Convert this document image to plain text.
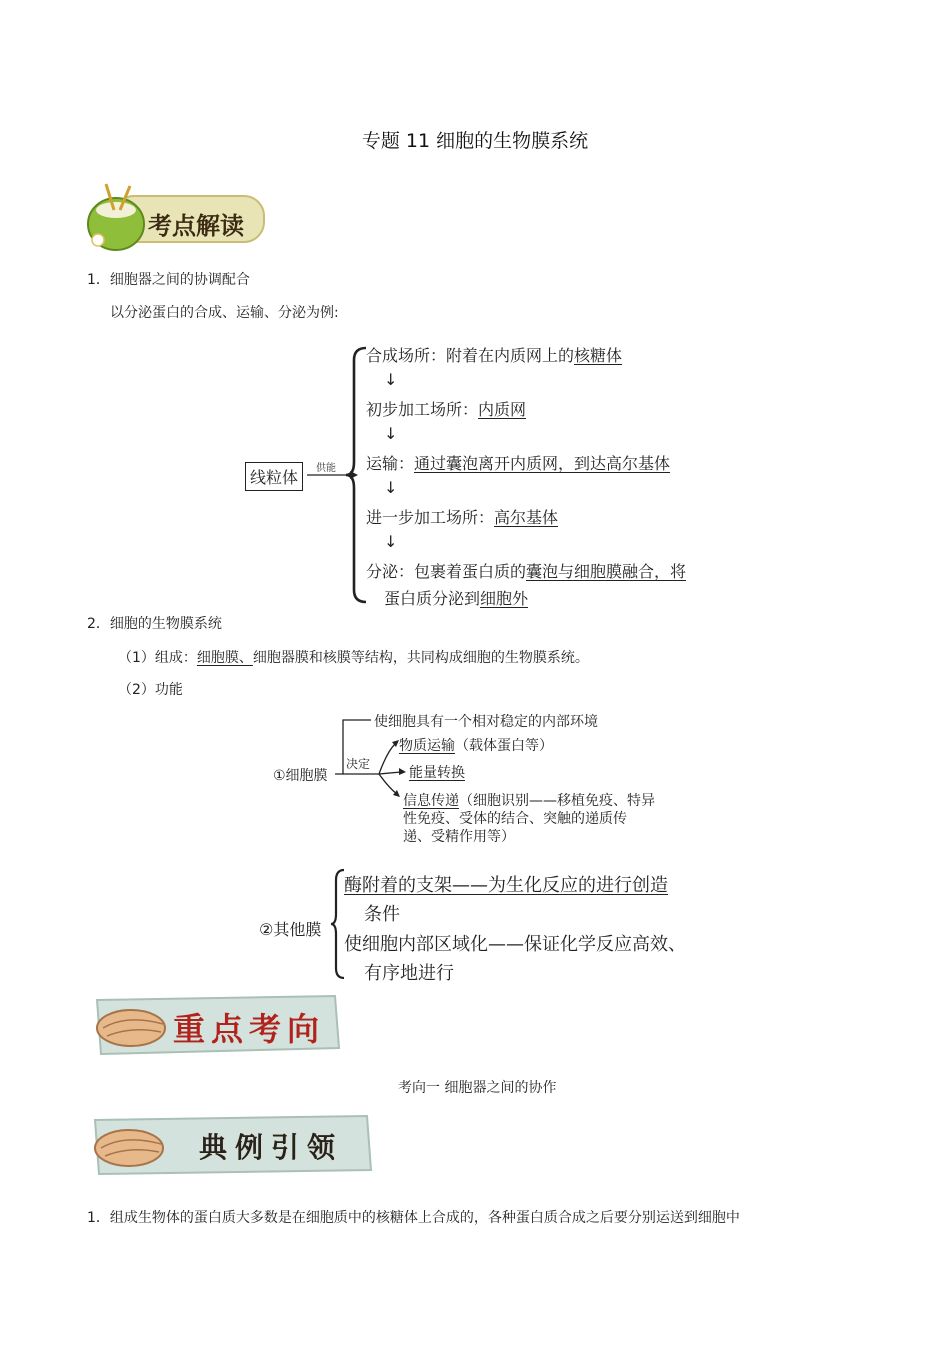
专题 11 细胞的生物膜系统
考点解读
1．细胞器之间的协调配合
以分泌蛋白的合成、运输、分泌为例:
线粒体	供能
合成场所：附着在内质网上的核糖体
↓
初步加工场所：内质网
↓
运输：通过囊泡离开内质网，到达高尔基体
↓
进一步加工场所：高尔基体
↓
分泌：包裹着蛋白质的囊泡与细胞膜融合，将
蛋白质分泌到细胞外
2．细胞的生物膜系统
（1）组成：细胞膜、细胞器膜和核膜等结构，共同构成细胞的生物膜系统。
（2）功能
①细胞膜
决定
使细胞具有一个相对稳定的内部环境
物质运输（载体蛋白等）
能量转换
信息传递（细胞识别——移植免疫、特异
性免疫、受体的结合、突触的递质传
递、受精作用等）
②其他膜
酶附着的支架——为生化反应的进行创造
条件
使细胞内部区域化——保证化学反应高效、
有序地进行
重点考向
考向一 细胞器之间的协作
典例引领
1．组成生物体的蛋白质大多数是在细胞质中的核糖体上合成的，各种蛋白质合成之后要分别运送到细胞中
